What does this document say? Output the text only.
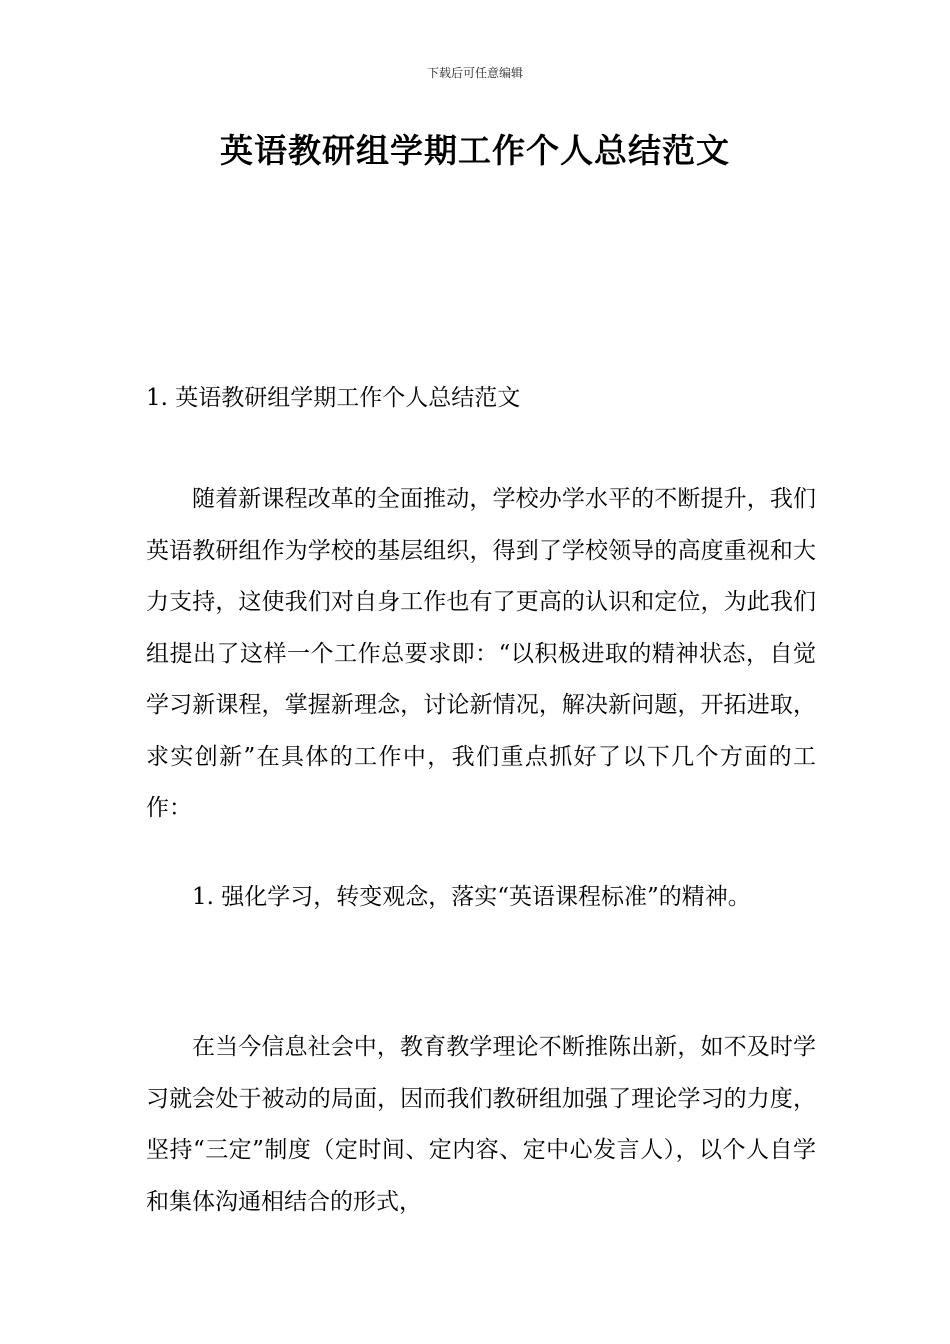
下载后可任意编辑
英语教研组学期工作个人总结范文
1. 英语教研组学期工作个人总结范文

随着新课程改革的全面推动，学校办学水平的不断提升，我们英语教研组作为学校的基层组织，得到了学校领导的高度重视和大力支持，这使我们对自身工作也有了更高的认识和定位，为此我们组提出了这样一个工作总要求即：“以积极进取的精神状态，自觉学习新课程，掌握新理念，讨论新情况，解决新问题，开拓进取，求实创新”在具体的工作中，我们重点抓好了以下几个方面的工作：

1. 强化学习，转变观念，落实“英语课程标准”的精神。

在当今信息社会中，教育教学理论不断推陈出新，如不及时学习就会处于被动的局面，因而我们教研组加强了理论学习的力度，坚持“三定”制度（定时间、定内容、定中心发言人），以个人自学和集体沟通相结合的形式，
